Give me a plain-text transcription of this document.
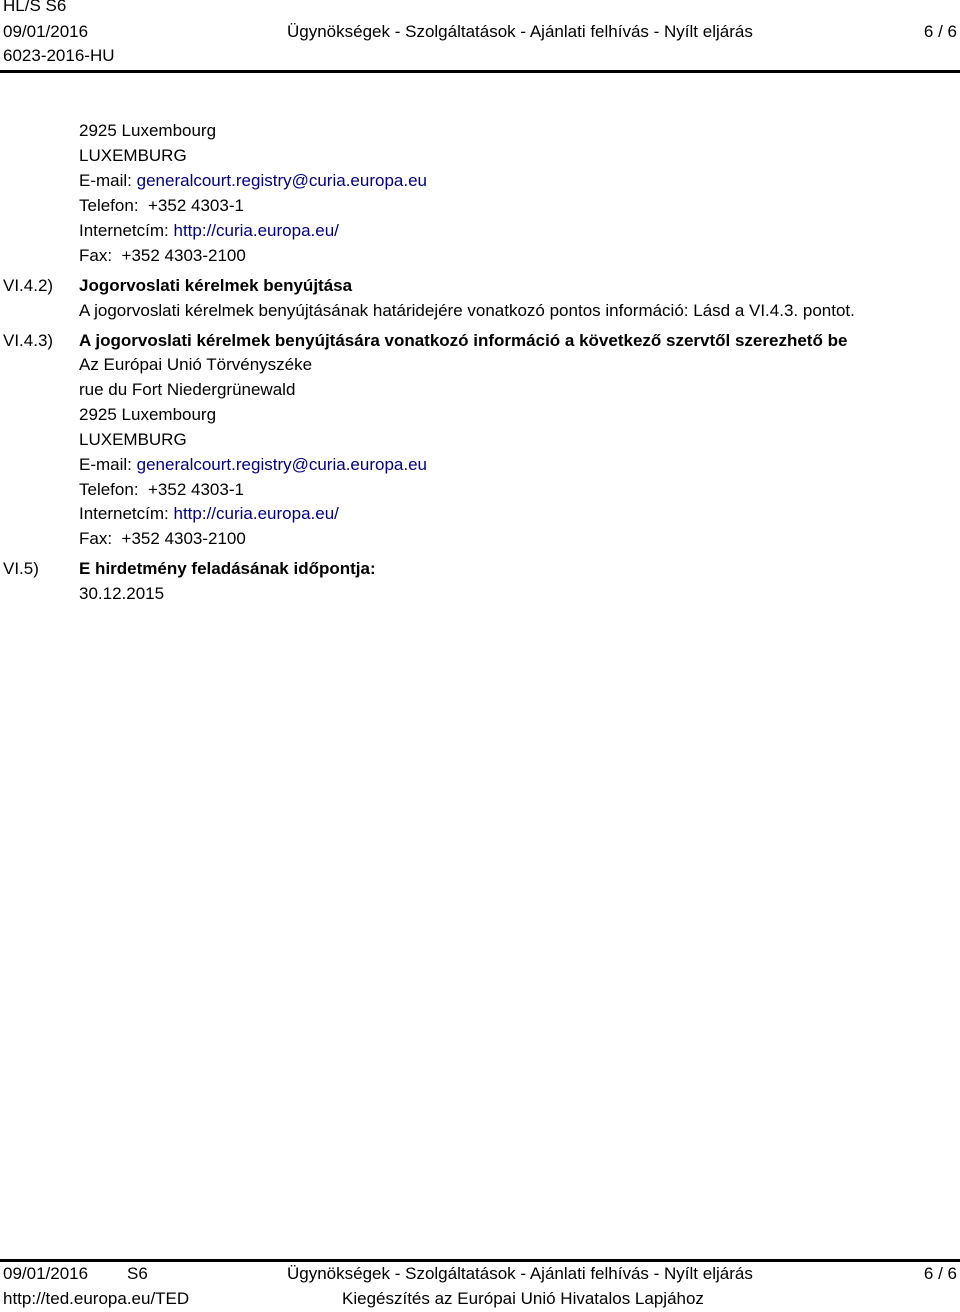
HL/S S6
09/01/2016
6023-2016-HU
Ügynökségek - Szolgáltatások - Ajánlati felhívás - Nyílt eljárás	6 / 6
2925 Luxembourg
LUXEMBURG
E-mail: generalcourt.registry@curia.europa.eu
Telefon: +352 4303-1
Internetcím: http://curia.europa.eu/
Fax: +352 4303-2100
VI.4.2) Jogorvoslati kérelmek benyújtása
A jogorvoslati kérelmek benyújtásának határidejére vonatkozó pontos információ: Lásd a VI.4.3. pontot.
VI.4.3) A jogorvoslati kérelmek benyújtására vonatkozó információ a következő szervtől szerezhető be
Az Európai Unió Törvényszéke
rue du Fort Niedergrünewald
2925 Luxembourg
LUXEMBURG
E-mail: generalcourt.registry@curia.europa.eu
Telefon: +352 4303-1
Internetcím: http://curia.europa.eu/
Fax: +352 4303-2100
VI.5) E hirdetmény feladásának időpontja:
30.12.2015
09/01/2016 S6	Ügynökségek - Szolgáltatások - Ajánlati felhívás - Nyílt eljárás	6 / 6
http://ted.europa.eu/TED	Kiegészítés az Európai Unió Hivatalos Lapjához
